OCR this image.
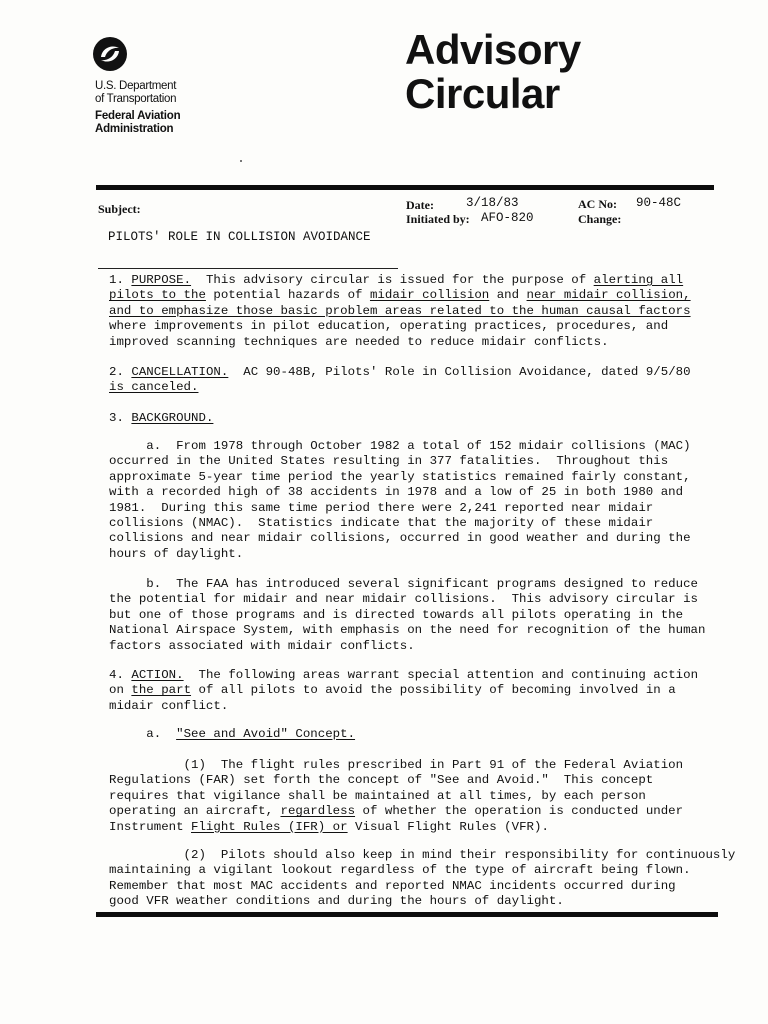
U.S. Department
of Transportation
Federal Aviation
Administration
Advisory
Circular
Subject:
PILOTS' ROLE IN COLLISION AVOIDANCE
Date:	3/18/83
Initiated by: AFO-820
AC No: 90-48C
Change:
1. PURPOSE.  This advisory circular is issued for the purpose of alerting all
pilots to the potential hazards of midair collision and near midair collision,
and to emphasize those basic problem areas related to the human causal factors
where improvements in pilot education, operating practices, procedures, and
improved scanning techniques are needed to reduce midair conflicts.
2. CANCELLATION.  AC 90-48B, Pilots' Role in Collision Avoidance, dated 9/5/80
is canceled.
3. BACKGROUND.
a.  From 1978 through October 1982 a total of 152 midair collisions (MAC)
occurred in the United States resulting in 377 fatalities.  Throughout this
approximate 5-year time period the yearly statistics remained fairly constant,
with a recorded high of 38 accidents in 1978 and a low of 25 in both 1980 and
1981.  During this same time period there were 2,241 reported near midair
collisions (NMAC).  Statistics indicate that the majority of these midair
collisions and near midair collisions, occurred in good weather and during the
hours of daylight.
b.  The FAA has introduced several significant programs designed to reduce
the potential for midair and near midair collisions.  This advisory circular is
but one of those programs and is directed towards all pilots operating in the
National Airspace System, with emphasis on the need for recognition of the human
factors associated with midair conflicts.
4. ACTION.  The following areas warrant special attention and continuing action
on the part of all pilots to avoid the possibility of becoming involved in a
midair conflict.
a.  "See and Avoid" Concept.
(1)  The flight rules prescribed in Part 91 of the Federal Aviation
Regulations (FAR) set forth the concept of "See and Avoid."  This concept
requires that vigilance shall be maintained at all times, by each person
operating an aircraft, regardless of whether the operation is conducted under
Instrument Flight Rules (IFR) or Visual Flight Rules (VFR).
(2)  Pilots should also keep in mind their responsibility for continuously
maintaining a vigilant lookout regardless of the type of aircraft being flown.
Remember that most MAC accidents and reported NMAC incidents occurred during
good VFR weather conditions and during the hours of daylight.
